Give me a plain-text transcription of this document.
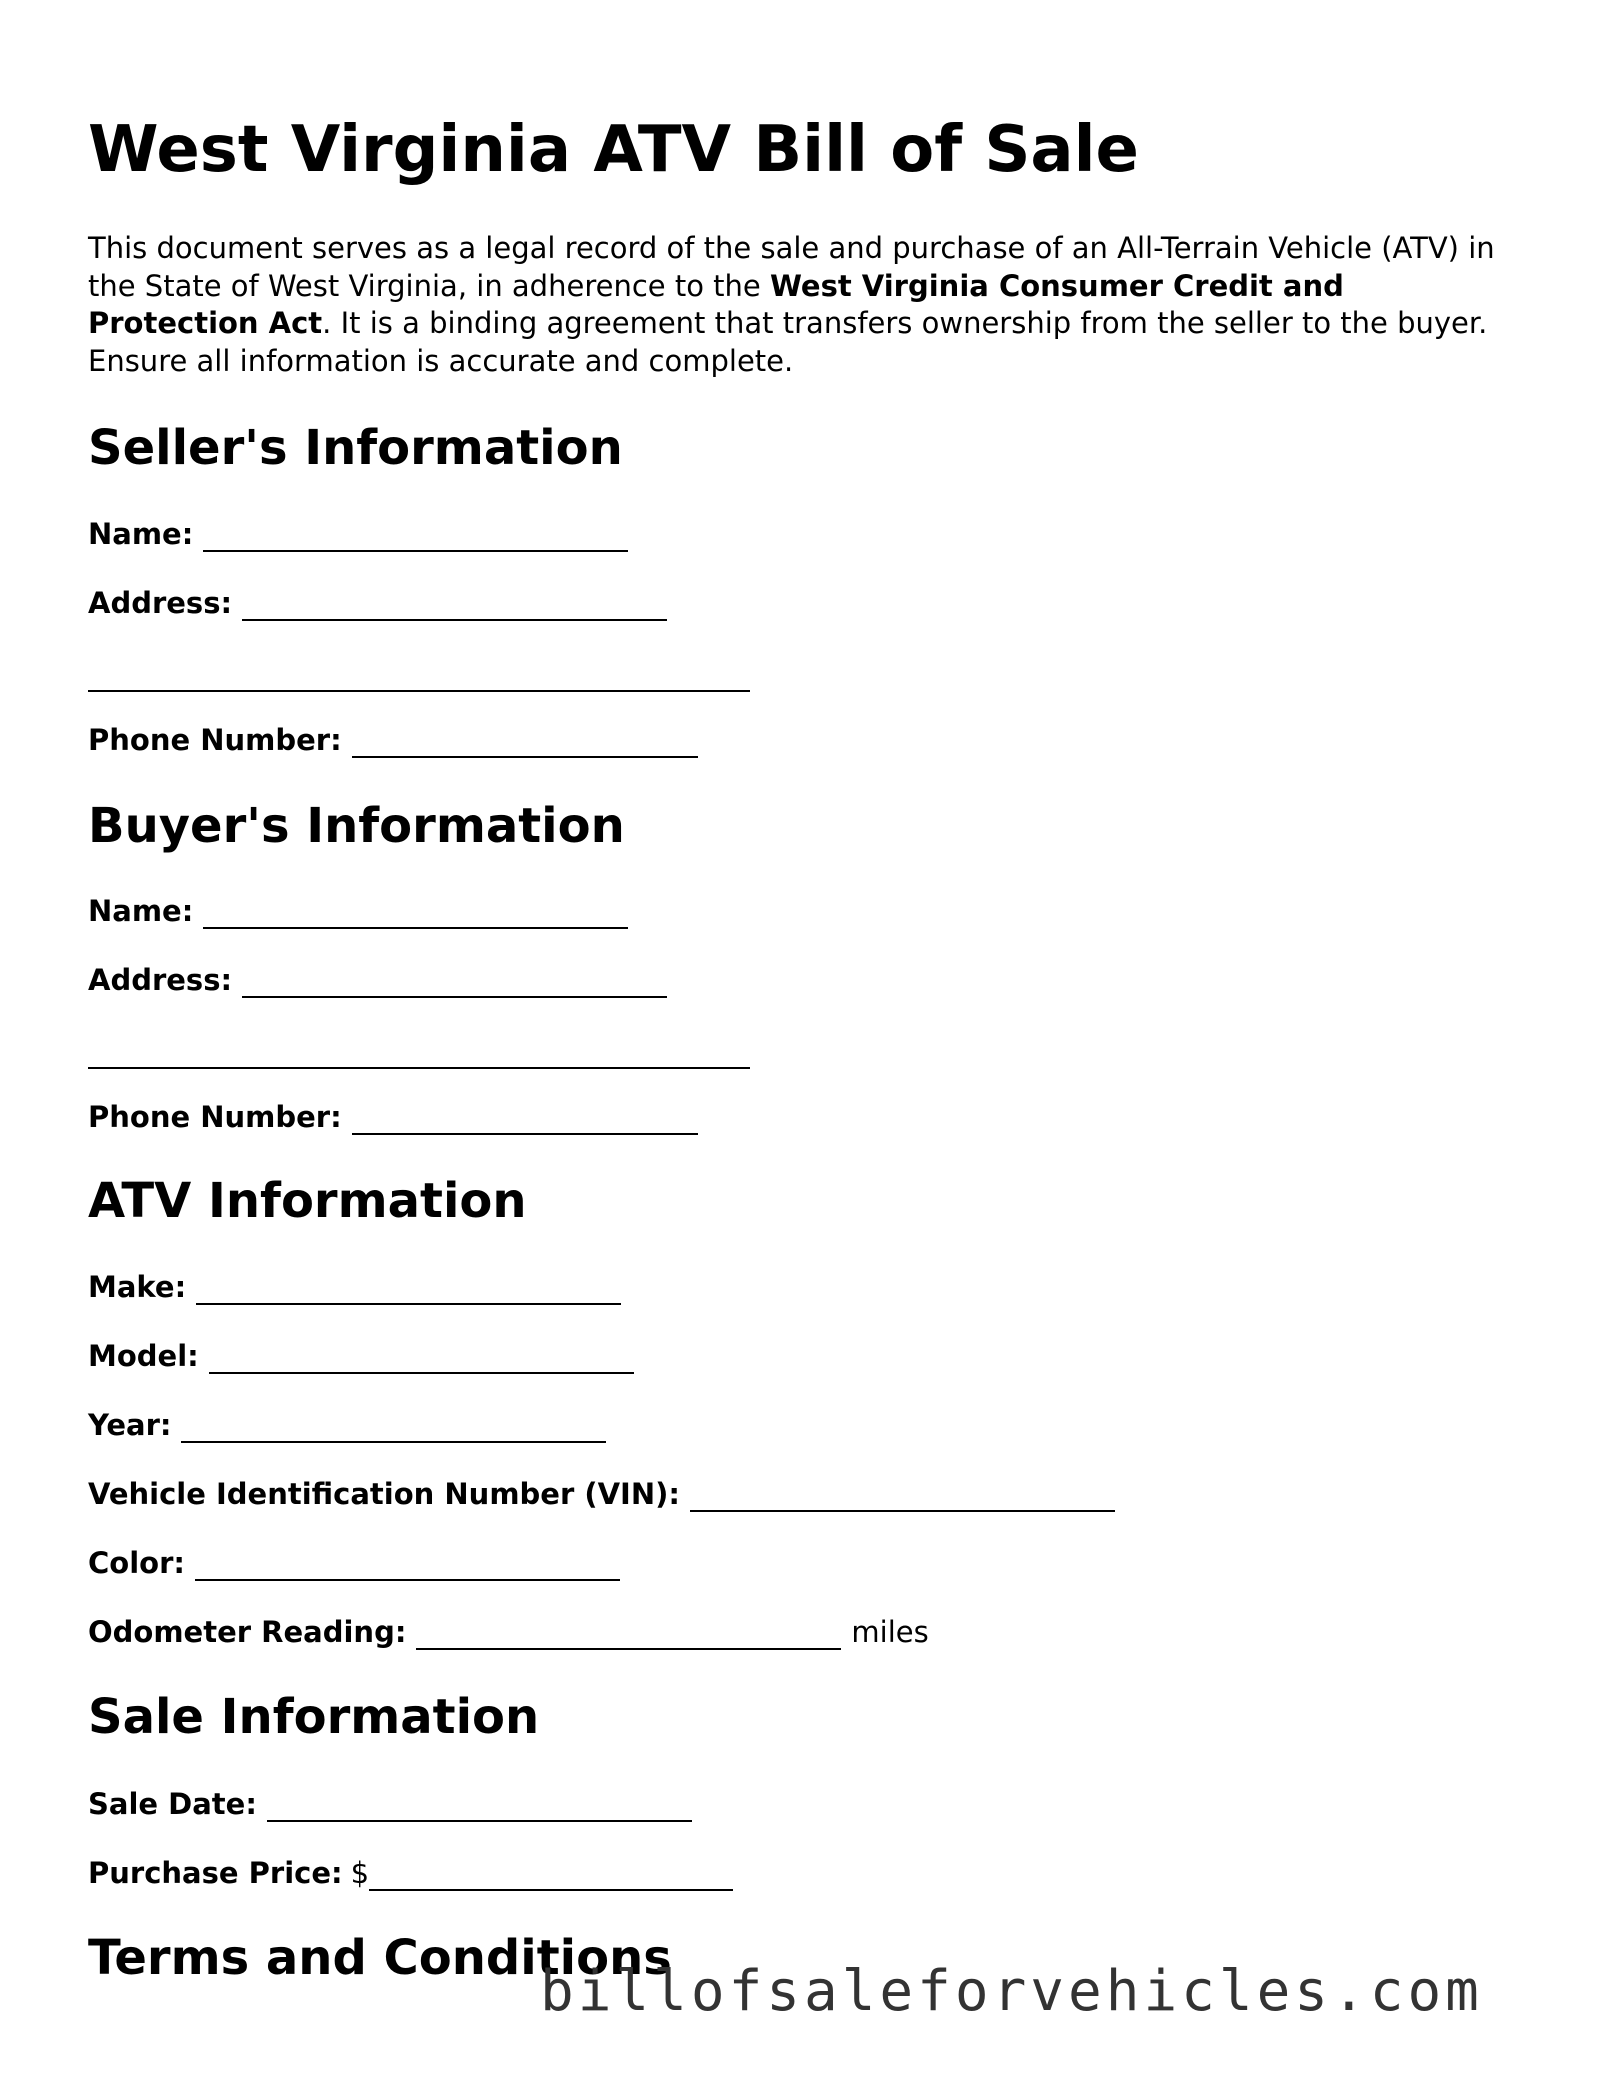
West Virginia ATV Bill of Sale

This document serves as a legal record of the sale and purchase of an All-Terrain Vehicle (ATV) in the State of West Virginia, in adherence to the West Virginia Consumer Credit and Protection Act. It is a binding agreement that transfers ownership from the seller to the buyer. Ensure all information is accurate and complete.

Seller's Information
Name:
Address:
Phone Number:
Buyer's Information
Name:
Address:
Phone Number:
ATV Information
Make:
Model:
Year:
Vehicle Identification Number (VIN):
Color:
Odometer Reading:	miles
Sale Information
Sale Date:
Purchase Price: $
Terms and Conditions
billofsaleforvehicles.com
